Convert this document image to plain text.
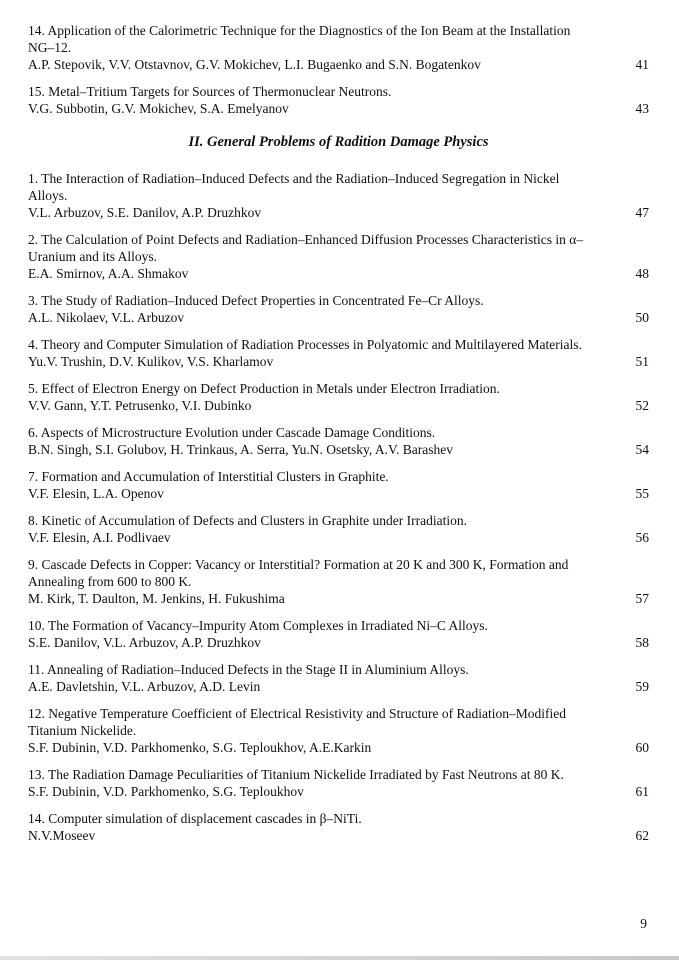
14. Application of the Calorimetric Technique for the Diagnostics of the Ion Beam at the Installation NG–12.
A.P. Stepovik, V.V. Otstavnov, G.V. Mokichev, L.I. Bugaenko and S.N. Bogatenkov	41
15. Metal–Tritium Targets for Sources of Thermonuclear Neutrons.
V.G. Subbotin, G.V. Mokichev, S.A. Emelyanov	43
II. General Problems of Radition Damage Physics
1. The Interaction of Radiation–Induced Defects and the Radiation–Induced Segregation in Nickel Alloys.
V.L. Arbuzov, S.E. Danilov, A.P. Druzhkov	47
2. The Calculation of Point Defects and Radiation–Enhanced Diffusion Processes Characteristics in α–Uranium and its Alloys.
E.A. Smirnov, A.A. Shmakov	48
3. The Study of Radiation–Induced Defect Properties in Concentrated Fe–Cr Alloys.
A.L. Nikolaev, V.L. Arbuzov	50
4. Theory and Computer Simulation of Radiation Processes in Polyatomic and Multilayered Materials.
Yu.V. Trushin, D.V. Kulikov, V.S. Kharlamov	51
5. Effect of Electron Energy on Defect Production in Metals under Electron Irradiation.
V.V. Gann, Y.T. Petrusenko, V.I. Dubinko	52
6. Aspects of Microstructure Evolution under Cascade Damage Conditions.
B.N. Singh, S.I. Golubov, H. Trinkaus, A. Serra, Yu.N. Osetsky, A.V. Barashev	54
7. Formation and Accumulation of Interstitial Clusters in Graphite.
V.F. Elesin, L.A. Openov	55
8. Kinetic of Accumulation of Defects and Clusters in Graphite under Irradiation.
V.F. Elesin, A.I. Podlivaev	56
9. Cascade Defects in Copper: Vacancy or Interstitial? Formation at 20 K and 300 K, Formation and Annealing from 600 to 800 K.
M. Kirk, T. Daulton, M. Jenkins, H. Fukushima	57
10. The Formation of Vacancy–Impurity Atom Complexes in Irradiated Ni–C Alloys.
S.E. Danilov, V.L. Arbuzov, A.P. Druzhkov	58
11. Annealing of Radiation–Induced Defects in the Stage II in Aluminium Alloys.
A.E. Davletshin, V.L. Arbuzov, A.D. Levin	59
12. Negative Temperature Coefficient of Electrical Resistivity and Structure of Radiation–Modified Titanium Nickelide.
S.F. Dubinin, V.D. Parkhomenko, S.G. Teploukhov, A.E.Karkin	60
13. The Radiation Damage Peculiarities of Titanium Nickelide Irradiated by Fast Neutrons at 80 K.
S.F. Dubinin, V.D. Parkhomenko, S.G. Teploukhov	61
14. Computer simulation of displacement cascades in β–NiTi.
N.V.Moseev	62
9
